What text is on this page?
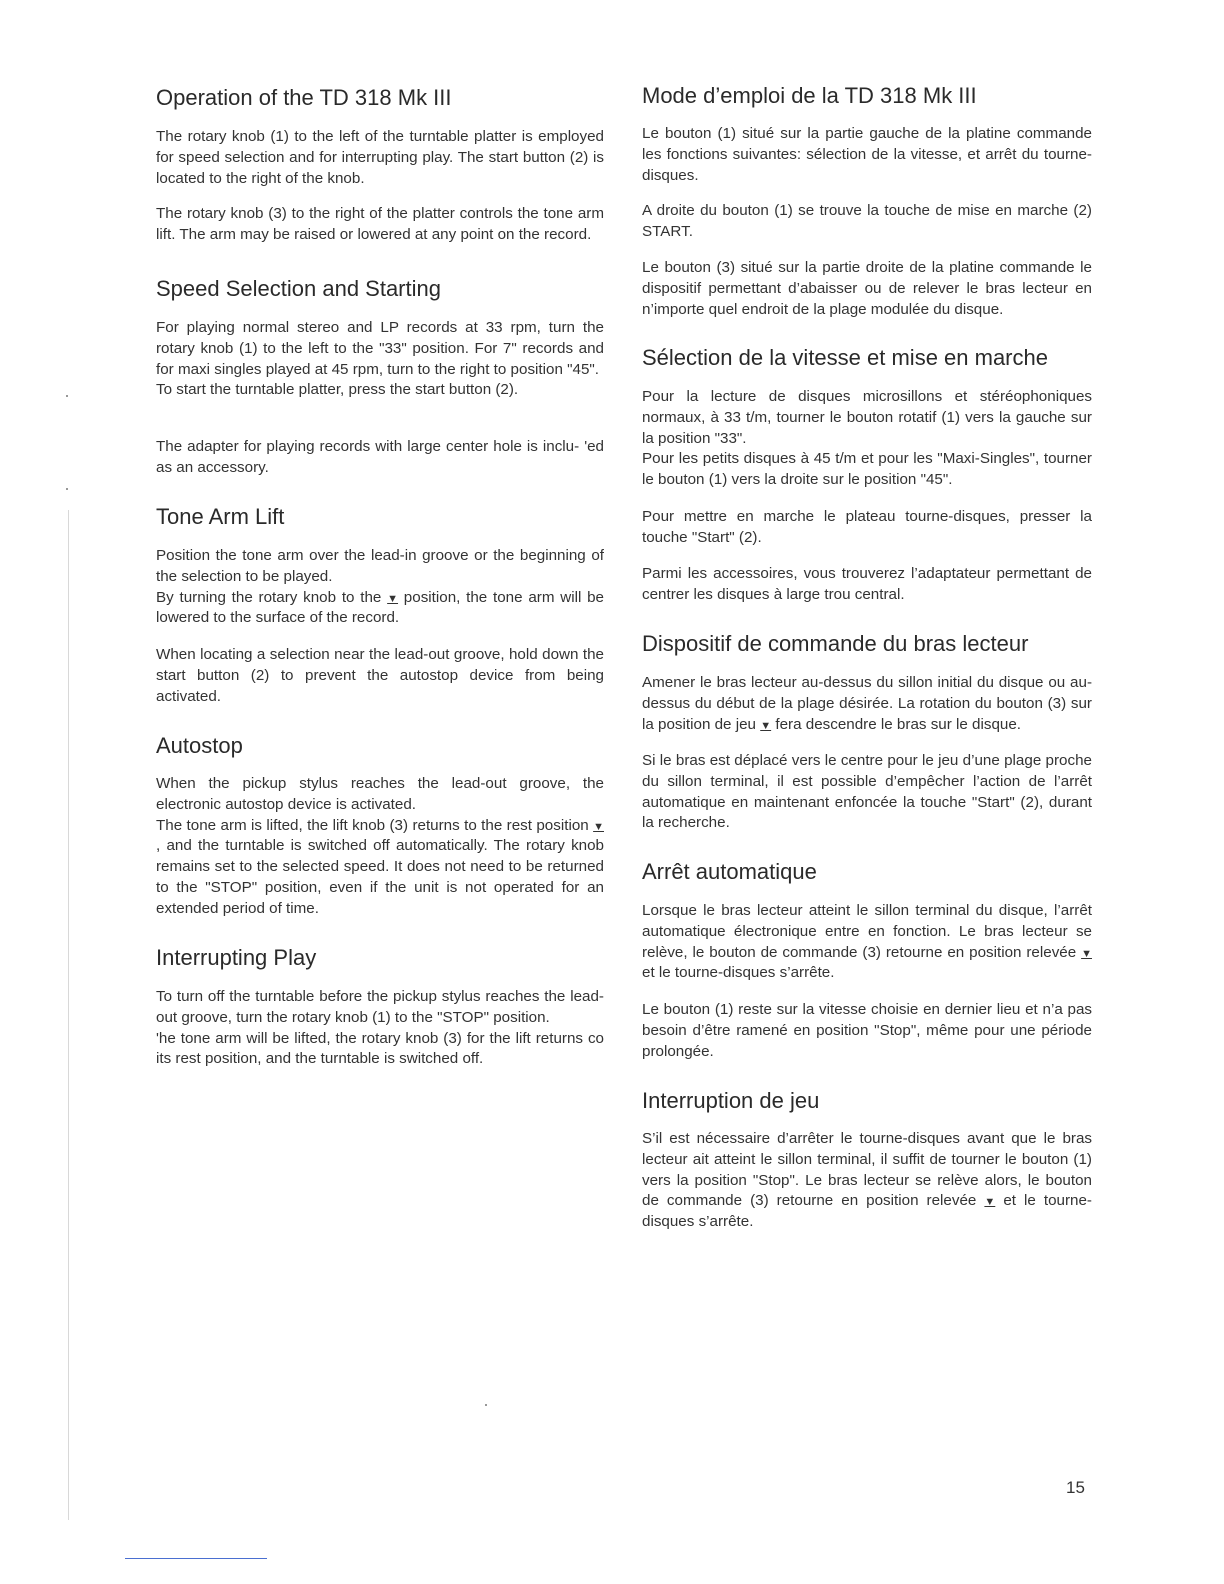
Operation of the TD 318 Mk III

The rotary knob (1) to the left of the turntable platter is employed for speed selection and for interrupting play. The start button (2) is located to the right of the knob.

The rotary knob (3) to the right of the platter controls the tone arm lift. The arm may be raised or lowered at any point on the record.

Speed Selection and Starting

For playing normal stereo and LP records at 33 rpm, turn the rotary knob (1) to the left to the "33" position. For 7" records and for maxi singles played at 45 rpm, turn to the right to position "45".
To start the turntable platter, press the start button (2).

The adapter for playing records with large center hole is inclu- 'ed as an accessory.

Tone Arm Lift

Position the tone arm over the lead-in groove or the beginning of the selection to be played.
By turning the rotary knob to the ▼ position, the tone arm will be lowered to the surface of the record.

When locating a selection near the lead-out groove, hold down the start button (2) to prevent the autostop device from being activated.

Autostop

When the pickup stylus reaches the lead-out groove, the electronic autostop device is activated.
The tone arm is lifted, the lift knob (3) returns to the rest position ▼, and the turntable is switched off automatically. The rotary knob remains set to the selected speed. It does not need to be returned to the "STOP" position, even if the unit is not operated for an extended period of time.

Interrupting Play

To turn off the turntable before the pickup stylus reaches the lead-out groove, turn the rotary knob (1) to the "STOP" position.
'he tone arm will be lifted, the rotary knob (3) for the lift returns сo its rest position, and the turntable is switched off.

Mode d’emploi de la TD 318 Mk III

Le bouton (1) situé sur la partie gauche de la platine commande les fonctions suivantes: sélection de la vitesse, et arrêt du tourne-disques.

A droite du bouton (1) se trouve la touche de mise en marche (2) START.

Le bouton (3) situé sur la partie droite de la platine commande le dispositif permettant d’abaisser ou de relever le bras lecteur en n’importe quel endroit de la plage modulée du disque.

Sélection de la vitesse et mise en marche

Pour la lecture de disques microsillons et stéréophoniques normaux, à 33 t/m, tourner le bouton rotatif (1) vers la gauche sur la position "33".
Pour les petits disques à 45 t/m et pour les "Maxi-Singles", tourner le bouton (1) vers la droite sur le position "45".

Pour mettre en marche le plateau tourne-disques, presser la touche "Start" (2).

Parmi les accessoires, vous trouverez l’adaptateur permettant de centrer les disques à large trou central.

Dispositif de commande du bras lecteur

Amener le bras lecteur au-dessus du sillon initial du disque ou au-dessus du début de la plage désirée. La rotation du bouton (3) sur la position de jeu ▼ fera descendre le bras sur le disque.

Si le bras est déplacé vers le centre pour le jeu d’une plage proche du sillon terminal, il est possible d’empêcher l’action de l’arrêt automatique en maintenant enfoncée la touche "Start" (2), durant la recherche.

Arrêt automatique

Lorsque le bras lecteur atteint le sillon terminal du disque, l’arrêt automatique électronique entre en fonction. Le bras lecteur se relève, le bouton de commande (3) retourne en position relevée ▼ et le tourne-disques s’arrête.

Le bouton (1) reste sur la vitesse choisie en dernier lieu et n’a pas besoin d’être ramené en position "Stop", même pour une période prolongée.

Interruption de jeu

S’il est nécessaire d’arrêter le tourne-disques avant que le bras lecteur ait atteint le sillon terminal, il suffit de tourner le bouton (1) vers la position "Stop". Le bras lecteur se relève alors, le bouton de commande (3) retourne en position relevée ▼ et le tourne-disques s’arrête.

15
